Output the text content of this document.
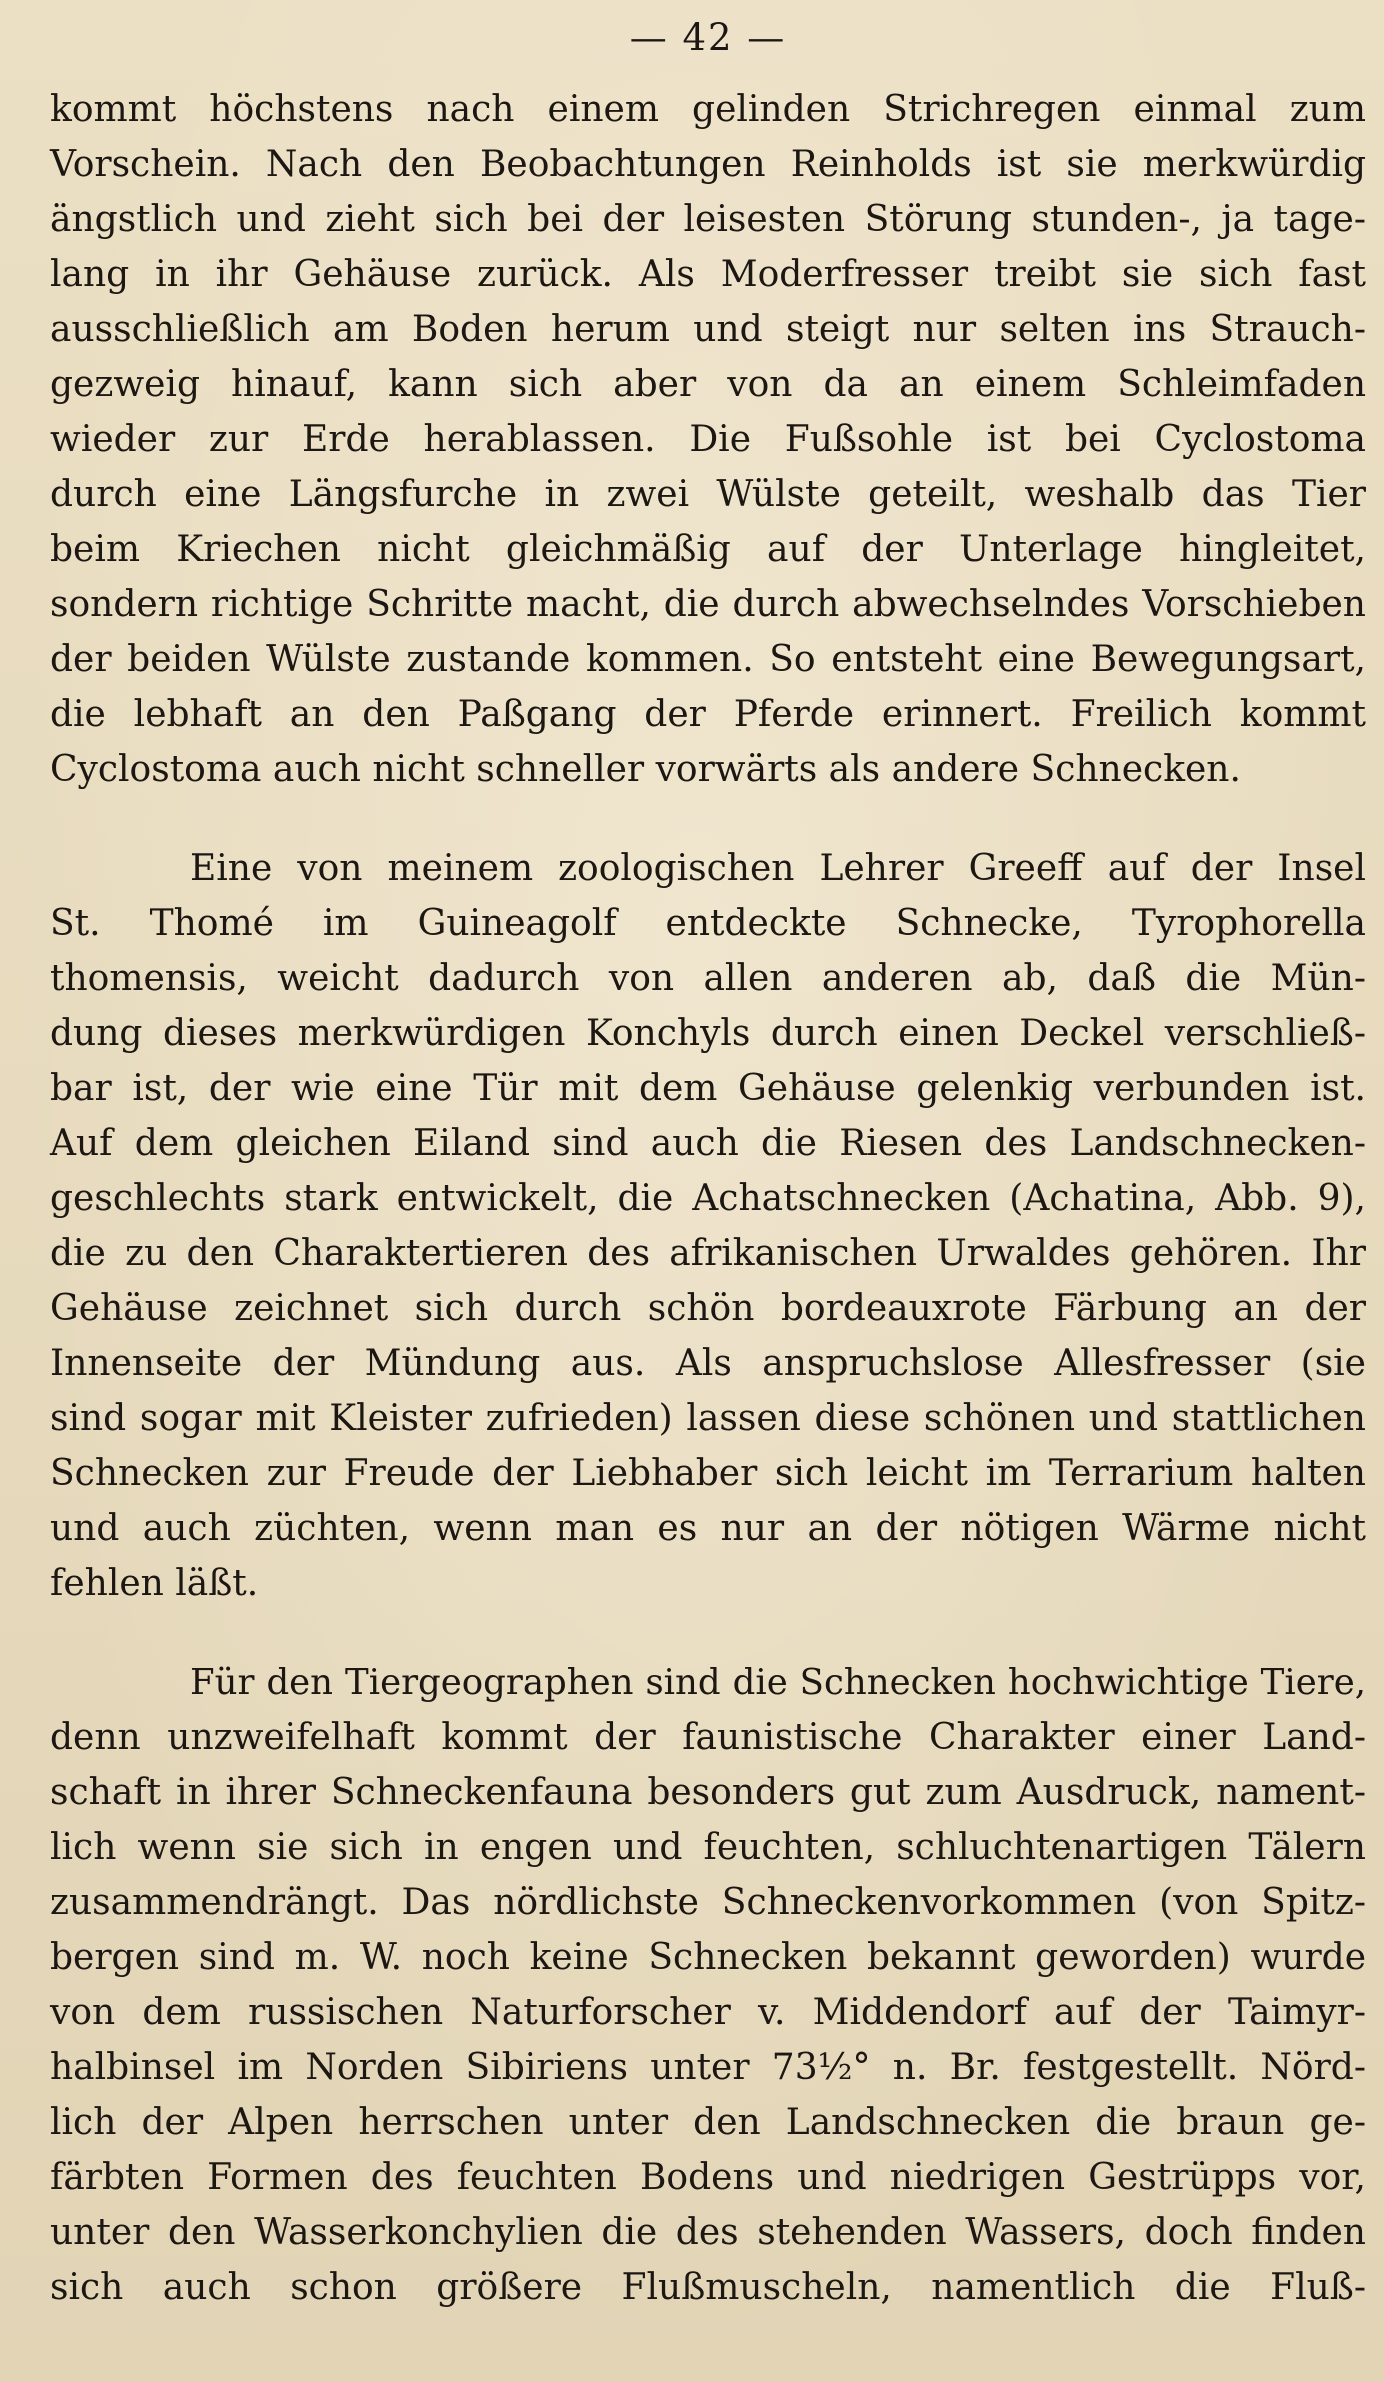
— 42 —
kommt höchstens nach einem gelinden Strichregen einmal zum
Vorschein. Nach den Beobachtungen Reinholds ist sie merkwürdig
ängstlich und zieht sich bei der leisesten Störung stunden-, ja tage-
lang in ihr Gehäuse zurück. Als Moderfresser treibt sie sich fast
ausschließlich am Boden herum und steigt nur selten ins Strauch-
gezweig hinauf, kann sich aber von da an einem Schleimfaden
wieder zur Erde herablassen. Die Fußsohle ist bei Cyclostoma
durch eine Längsfurche in zwei Wülste geteilt, weshalb das Tier
beim Kriechen nicht gleichmäßig auf der Unterlage hingleitet,
sondern richtige Schritte macht, die durch abwechselndes Vorschieben
der beiden Wülste zustande kommen. So entsteht eine Bewegungsart,
die lebhaft an den Paßgang der Pferde erinnert. Freilich kommt
Cyclostoma auch nicht schneller vorwärts als andere Schnecken.
Eine von meinem zoologischen Lehrer Greeff auf der Insel
St. Thomé im Guineagolf entdeckte Schnecke, Tyrophorella
thomensis, weicht dadurch von allen anderen ab, daß die Mün-
dung dieses merkwürdigen Konchyls durch einen Deckel verschließ-
bar ist, der wie eine Tür mit dem Gehäuse gelenkig verbunden ist.
Auf dem gleichen Eiland sind auch die Riesen des Landschnecken-
geschlechts stark entwickelt, die Achatschnecken (Achatina, Abb. 9),
die zu den Charaktertieren des afrikanischen Urwaldes gehören. Ihr
Gehäuse zeichnet sich durch schön bordeauxrote Färbung an der
Innenseite der Mündung aus. Als anspruchslose Allesfresser (sie
sind sogar mit Kleister zufrieden) lassen diese schönen und stattlichen
Schnecken zur Freude der Liebhaber sich leicht im Terrarium halten
und auch züchten, wenn man es nur an der nötigen Wärme nicht
fehlen läßt.
Für den Tiergeographen sind die Schnecken hochwichtige Tiere,
denn unzweifelhaft kommt der faunistische Charakter einer Land-
schaft in ihrer Schneckenfauna besonders gut zum Ausdruck, nament-
lich wenn sie sich in engen und feuchten, schluchtenartigen Tälern
zusammendrängt. Das nördlichste Schneckenvorkommen (von Spitz-
bergen sind m. W. noch keine Schnecken bekannt geworden) wurde
von dem russischen Naturforscher v. Middendorf auf der Taimyr-
halbinsel im Norden Sibiriens unter 73½° n. Br. festgestellt. Nörd-
lich der Alpen herrschen unter den Landschnecken die braun ge-
färbten Formen des feuchten Bodens und niedrigen Gestrüpps vor,
unter den Wasserkonchylien die des stehenden Wassers, doch finden
sich auch schon größere Flußmuscheln, namentlich die Fluß-
